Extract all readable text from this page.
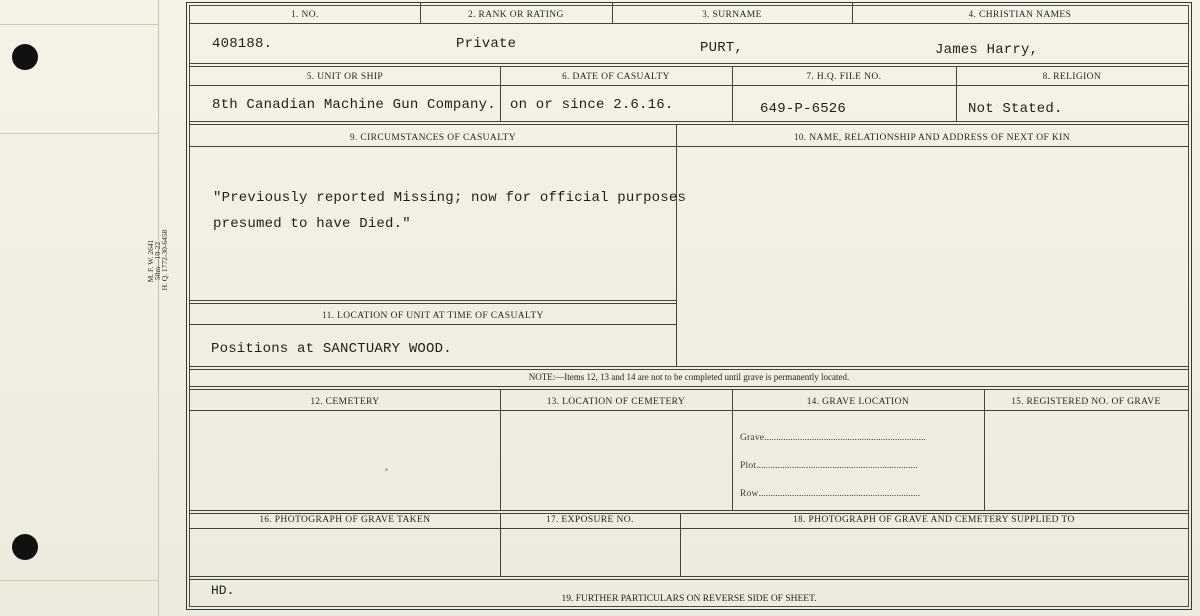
M. F. W. 2641
50m—10-22
H. Q. 1772-30-6458
1. NO.	2. RANK OR RATING	3. SURNAME	4. CHRISTIAN NAMES
408188.	Private	PURT,	James Harry,
5. UNIT OR SHIP	6. DATE OF CASUALTY	7. H.Q. FILE NO.	8. RELIGION
8th Canadian Machine Gun Company. on or since 2.6.16.	649-P-6526	Not Stated.
9. CIRCUMSTANCES OF CASUALTY	10. NAME, RELATIONSHIP AND ADDRESS OF NEXT OF KIN
"Previously reported Missing; now for official purposes
presumed to have Died."
11. LOCATION OF UNIT AT TIME OF CASUALTY
Positions at SANCTUARY WOOD.
NOTE:—Items 12, 13 and 14 are not to be completed until grave is permanently located.
12. CEMETERY	13. LOCATION OF CEMETERY	14. GRAVE LOCATION	15. REGISTERED NO. OF GRAVE
Grave....................................................................
Plot....................................................................
Row....................................................................
16. PHOTOGRAPH OF GRAVE TAKEN	17. EXPOSURE NO.	18. PHOTOGRAPH OF GRAVE AND CEMETERY SUPPLIED TO
HD.
19. FURTHER PARTICULARS ON REVERSE SIDE OF SHEET.
